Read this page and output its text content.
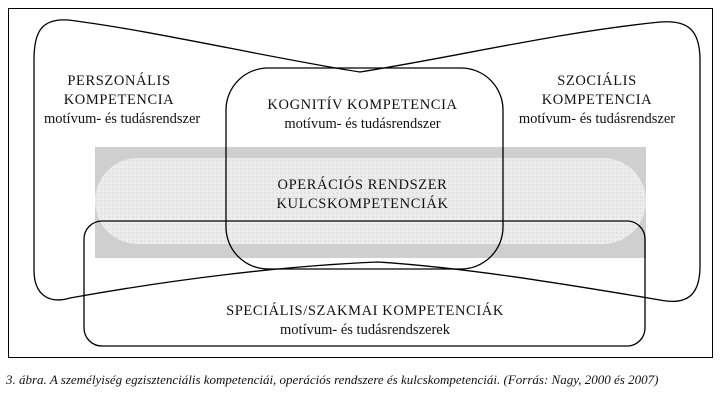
PERSZONÁLIS
KOMPETENCIA
motívum- és tudásrendszer
KOGNITÍV KOMPETENCIA
motívum- és tudásrendszer
SZOCIÁLIS
KOMPETENCIA
motívum- és tudásrendszer
OPERÁCIÓS RENDSZER
KULCSKOMPETENCIÁK
SPECIÁLIS/SZAKMAI KOMPETENCIÁK
motívum- és tudásrendszerek
3. ábra. A személyiség egzisztenciális kompetenciái, operációs rendszere és kulcskompetenciái. (Forrás: Nagy, 2000 és 2007)
